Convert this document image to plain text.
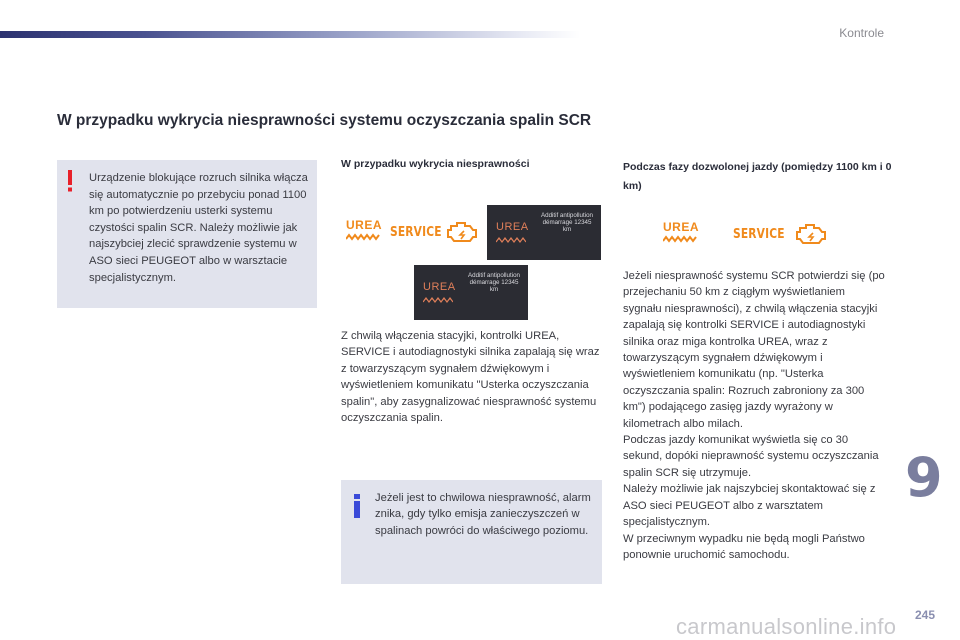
Kontrole
W przypadku wykrycia niesprawności systemu oczyszczania spalin SCR

Urządzenie blokujące rozruch silnika włącza się automatycznie po przebyciu ponad 1100 km po potwierdzeniu usterki systemu czystości spalin SCR. Należy możliwie jak najszybciej zlecić sprawdzenie systemu w ASO sieci PEUGEOT albo w warsztacie specjalistycznym.

W przypadku wykrycia niesprawności
UREA SERVICE	UREA
Additif antipollution démarrage 12345 km
UREA
Additif antipollution démarrage 12345 km

Z chwilą włączenia stacyjki, kontrolki UREA, SERVICE i autodiagnostyki silnika zapalają się wraz z towarzyszącym sygnałem dźwiękowym i wyświetleniem komunikatu "Usterka oczyszczania spalin", aby zasygnalizować niesprawność systemu oczyszczania spalin.

Jeżeli jest to chwilowa niesprawność, alarm znika, gdy tylko emisja zanieczyszczeń w spalinach powróci do właściwego poziomu.

Podczas fazy dozwolonej jazdy (pomiędzy 1100 km i 0 km)
UREA	SERVICE

Jeżeli niesprawność systemu SCR potwierdzi się (po przejechaniu 50 km z ciągłym wyświetlaniem sygnału niesprawności), z chwilą włączenia stacyjki zapalają się kontrolki SERVICE i autodiagnostyki silnika oraz miga kontrolka UREA, wraz z towarzyszącym sygnałem dźwiękowym i wyświetleniem komunikatu (np. "Usterka oczyszczania spalin: Rozruch zabroniony za 300 km") podającego zasięg jazdy wyrażony w kilometrach albo milach.
Podczas jazdy komunikat wyświetla się co 30 sekund, dopóki nieprawność systemu oczyszczania spalin SCR się utrzymuje.
Należy możliwie jak najszybciej skontaktować się z ASO sieci PEUGEOT albo z warsztatem specjalistycznym.
W przeciwnym wypadku nie będą mogli Państwo ponownie uruchomić samochodu.

9
245
carmanualsonline.info
